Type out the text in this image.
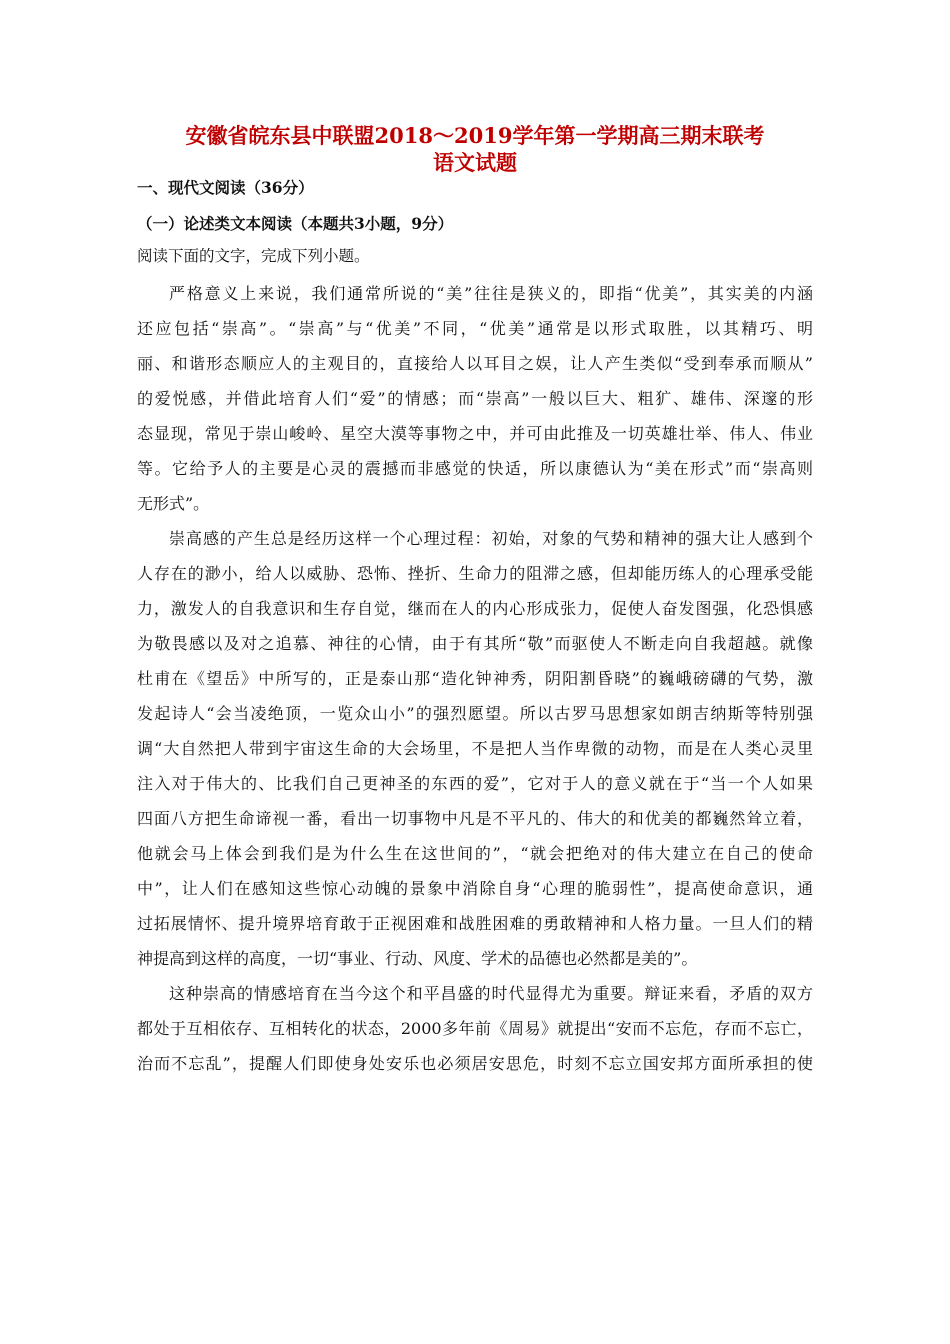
安徽省皖东县中联盟2018～2019学年第一学期高三期末联考
语文试题
一、现代文阅读（36分）
（一）论述类文本阅读（本题共3小题，9分）
阅读下面的文字，完成下列小题。
严格意义上来说，我们通常所说的“美”往往是狭义的，即指“优美”，其实美的内涵
还应包括“崇高”。“崇高”与“优美”不同，“优美”通常是以形式取胜，以其精巧、明
丽、和谐形态顺应人的主观目的，直接给人以耳目之娱，让人产生类似“受到奉承而顺从”
的爱悦感，并借此培育人们“爱”的情感；而“崇高”一般以巨大、粗犷、雄伟、深邃的形
态显现，常见于崇山峻岭、星空大漠等事物之中，并可由此推及一切英雄壮举、伟人、伟业
等。它给予人的主要是心灵的震撼而非感觉的快适，所以康德认为“美在形式”而“崇高则
无形式”。
崇高感的产生总是经历这样一个心理过程：初始，对象的气势和精神的强大让人感到个
人存在的渺小，给人以威胁、恐怖、挫折、生命力的阻滞之感，但却能历练人的心理承受能
力，激发人的自我意识和生存自觉，继而在人的内心形成张力，促使人奋发图强，化恐惧感
为敬畏感以及对之追慕、神往的心情，由于有其所“敬”而驱使人不断走向自我超越。就像
杜甫在《望岳》中所写的，正是泰山那“造化钟神秀，阴阳割昏晓”的巍峨磅礴的气势，激
发起诗人“会当凌绝顶，一览众山小”的强烈愿望。所以古罗马思想家如朗吉纳斯等特别强
调“大自然把人带到宇宙这生命的大会场里，不是把人当作卑微的动物，而是在人类心灵里
注入对于伟大的、比我们自己更神圣的东西的爱”，它对于人的意义就在于“当一个人如果
四面八方把生命谛视一番，看出一切事物中凡是不平凡的、伟大的和优美的都巍然耸立着，
他就会马上体会到我们是为什么生在这世间的”，“就会把绝对的伟大建立在自己的使命
中”，让人们在感知这些惊心动魄的景象中消除自身“心理的脆弱性”，提高使命意识，通
过拓展情怀、提升境界培育敢于正视困难和战胜困难的勇敢精神和人格力量。一旦人们的精
神提高到这样的高度，一切“事业、行动、风度、学术的品德也必然都是美的”。
这种崇高的情感培育在当今这个和平昌盛的时代显得尤为重要。辩证来看，矛盾的双方
都处于互相依存、互相转化的状态，2000多年前《周易》就提出“安而不忘危，存而不忘亡，
治而不忘乱”，提醒人们即使身处安乐也必须居安思危，时刻不忘立国安邦方面所承担的使
